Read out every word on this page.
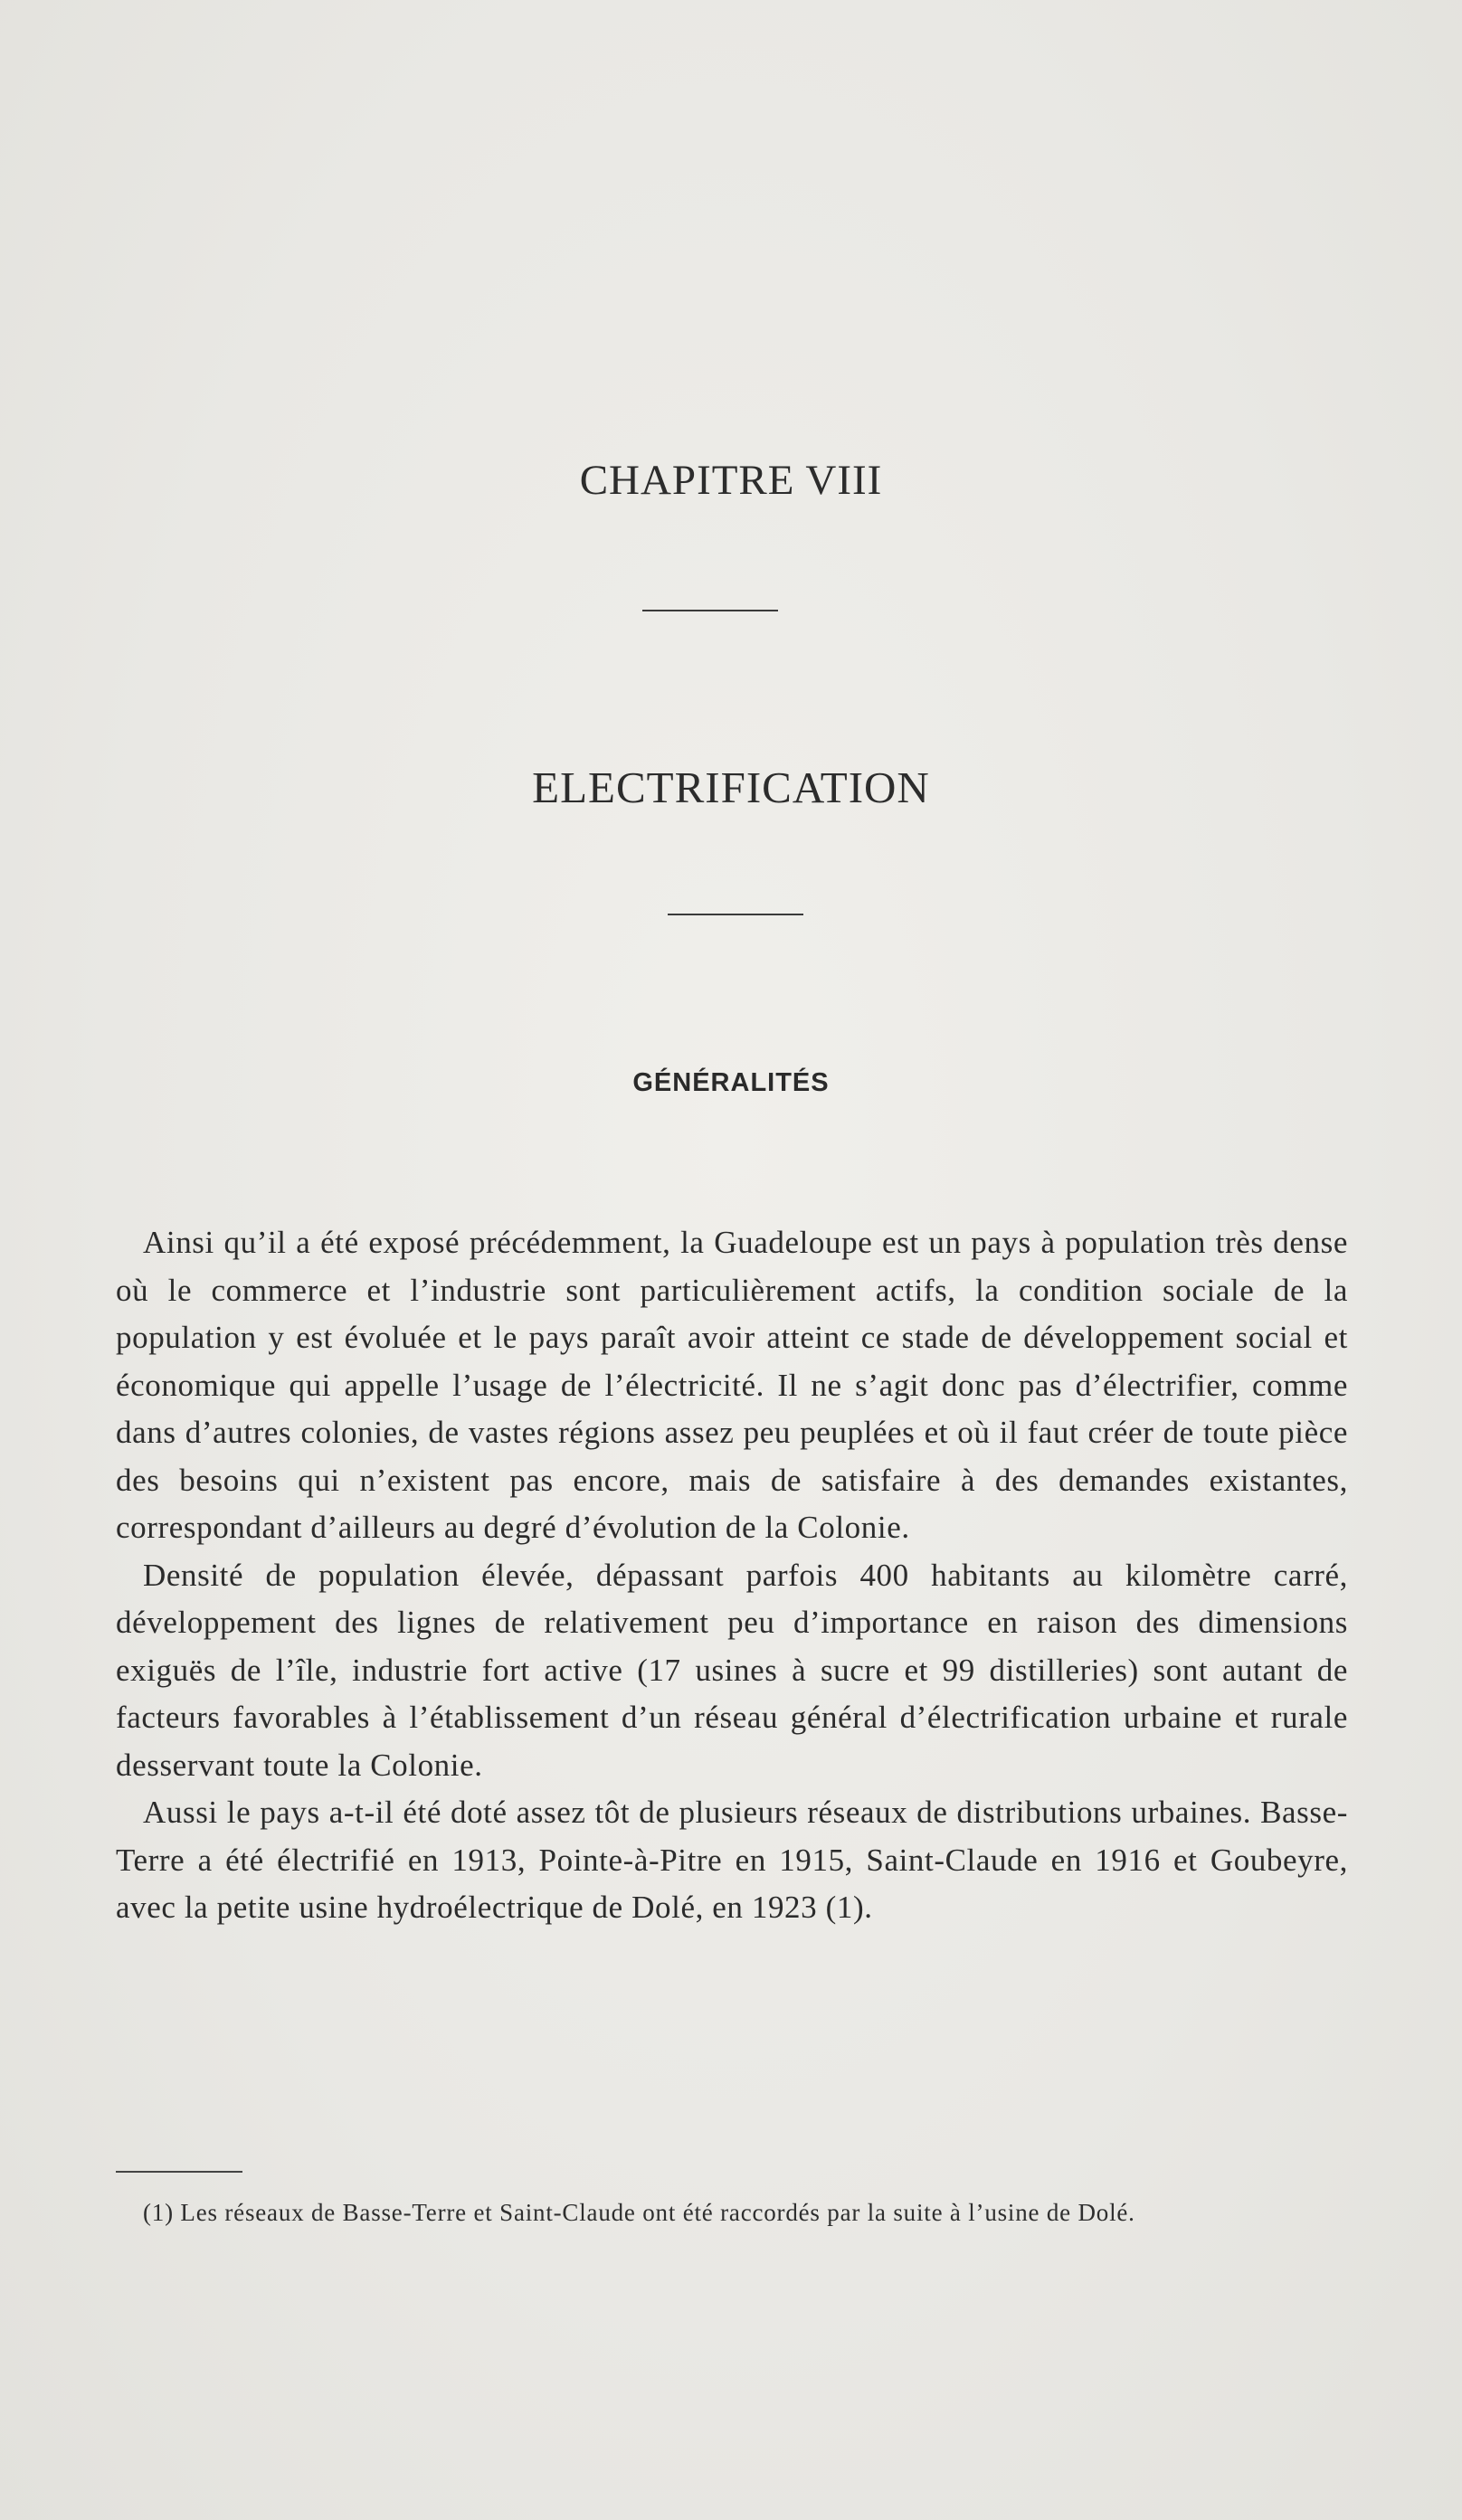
CHAPITRE VIII
ELECTRIFICATION
GÉNÉRALITÉS

Ainsi qu’il a été exposé précédemment, la Guadeloupe est un pays à population très dense où le commerce et l’industrie sont particulièrement actifs, la condition sociale de la population y est évoluée et le pays paraît avoir atteint ce stade de développement social et économique qui appelle l’usage de l’électricité. Il ne s’agit donc pas d’électrifier, comme dans d’autres colonies, de vastes régions assez peu peuplées et où il faut créer de toute pièce des besoins qui n’existent pas encore, mais de satisfaire à des demandes existantes, correspondant d’ailleurs au degré d’évolution de la Colonie.

Densité de population élevée, dépassant parfois 400 habitants au kilomètre carré, développement des lignes de relativement peu d’importance en raison des dimensions exiguës de l’île, industrie fort active (17 usines à sucre et 99 distilleries) sont autant de facteurs favorables à l’établissement d’un réseau général d’électrification urbaine et rurale desservant toute la Colonie.

Aussi le pays a-t-il été doté assez tôt de plusieurs réseaux de distributions urbaines. Basse-Terre a été électrifié en 1913, Pointe-à-Pitre en 1915, Saint-Claude en 1916 et Goubeyre, avec la petite usine hydroélectrique de Dolé, en 1923 (1).

(1) Les réseaux de Basse-Terre et Saint-Claude ont été raccordés par la suite à l’usine de Dolé.
